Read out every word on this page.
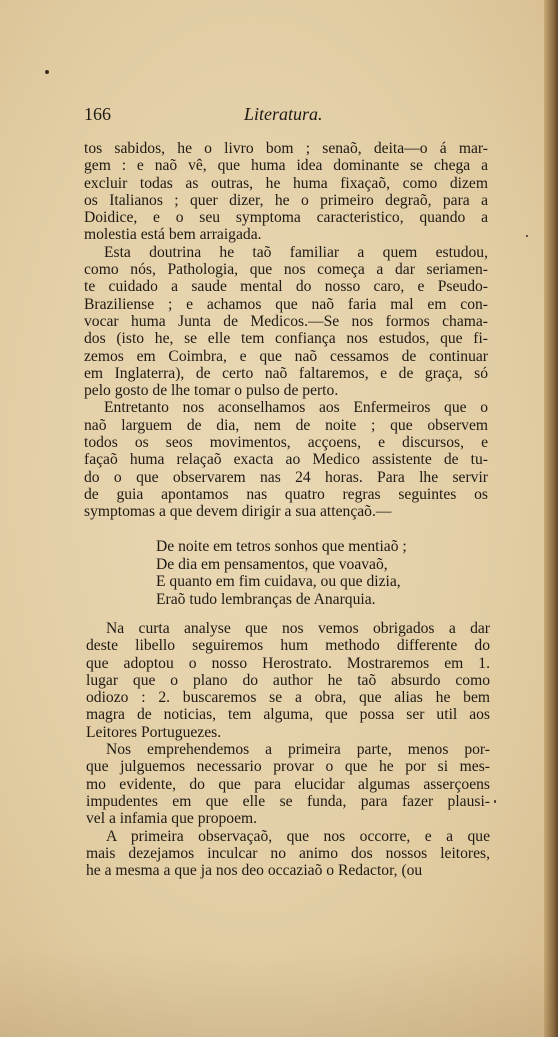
166	Literatura.
tos sabidos, he o livro bom ; senaõ, deita—o á mar-
gem : e naõ vê, que huma idea dominante se chega a
excluir todas as outras, he huma fixaçaõ, como dizem
os Italianos ; quer dizer, he o primeiro degraõ, para a
Doidice, e o seu symptoma caracteristico, quando a
molestia está bem arraigada.
Esta doutrina he taõ familiar a quem estudou,
como nós, Pathologia, que nos começa a dar seriamen-
te cuidado a saude mental do nosso caro, e Pseudo-
Braziliense ; e achamos que naõ faria mal em con-
vocar huma Junta de Medicos.—Se nos formos chama-
dos (isto he, se elle tem confiança nos estudos, que fi-
zemos em Coimbra, e que naõ cessamos de continuar
em Inglaterra), de certo naõ faltaremos, e de graça, só
pelo gosto de lhe tomar o pulso de perto.
Entretanto nos aconselhamos aos Enfermeiros que o
naõ larguem de dia, nem de noite ; que observem
todos os seos movimentos, acçoens, e discursos, e
façaõ huma relaçaõ exacta ao Medico assistente de tu-
do o que observarem nas 24 horas. Para lhe servir
de guia apontamos nas quatro regras seguintes os
symptomas a que devem dirigir a sua attençaõ.—
De noite em tetros sonhos que mentiaõ ;
De dia em pensamentos, que voavaõ,
E quanto em fim cuidava, ou que dizia,
Eraõ tudo lembranças de Anarquia.
Na curta analyse que nos vemos obrigados a dar
deste libello seguiremos hum methodo differente do
que adoptou o nosso Herostrato. Mostraremos em 1.
lugar que o plano do author he taõ absurdo como
odiozo : 2. buscaremos se a obra, que alias he bem
magra de noticias, tem alguma, que possa ser util aos
Leitores Portuguezes.
Nos emprehendemos a primeira parte, menos por-
que julguemos necessario provar o que he por si mes-
mo evidente, do que para elucidar algumas asserçoens
impudentes em que elle se funda, para fazer plausi-
vel a infamia que propoem.
A primeira observaçaõ, que nos occorre, e a que
mais dezejamos inculcar no animo dos nossos leitores,
he a mesma a que ja nos deo occaziaõ o Redactor, (ou
